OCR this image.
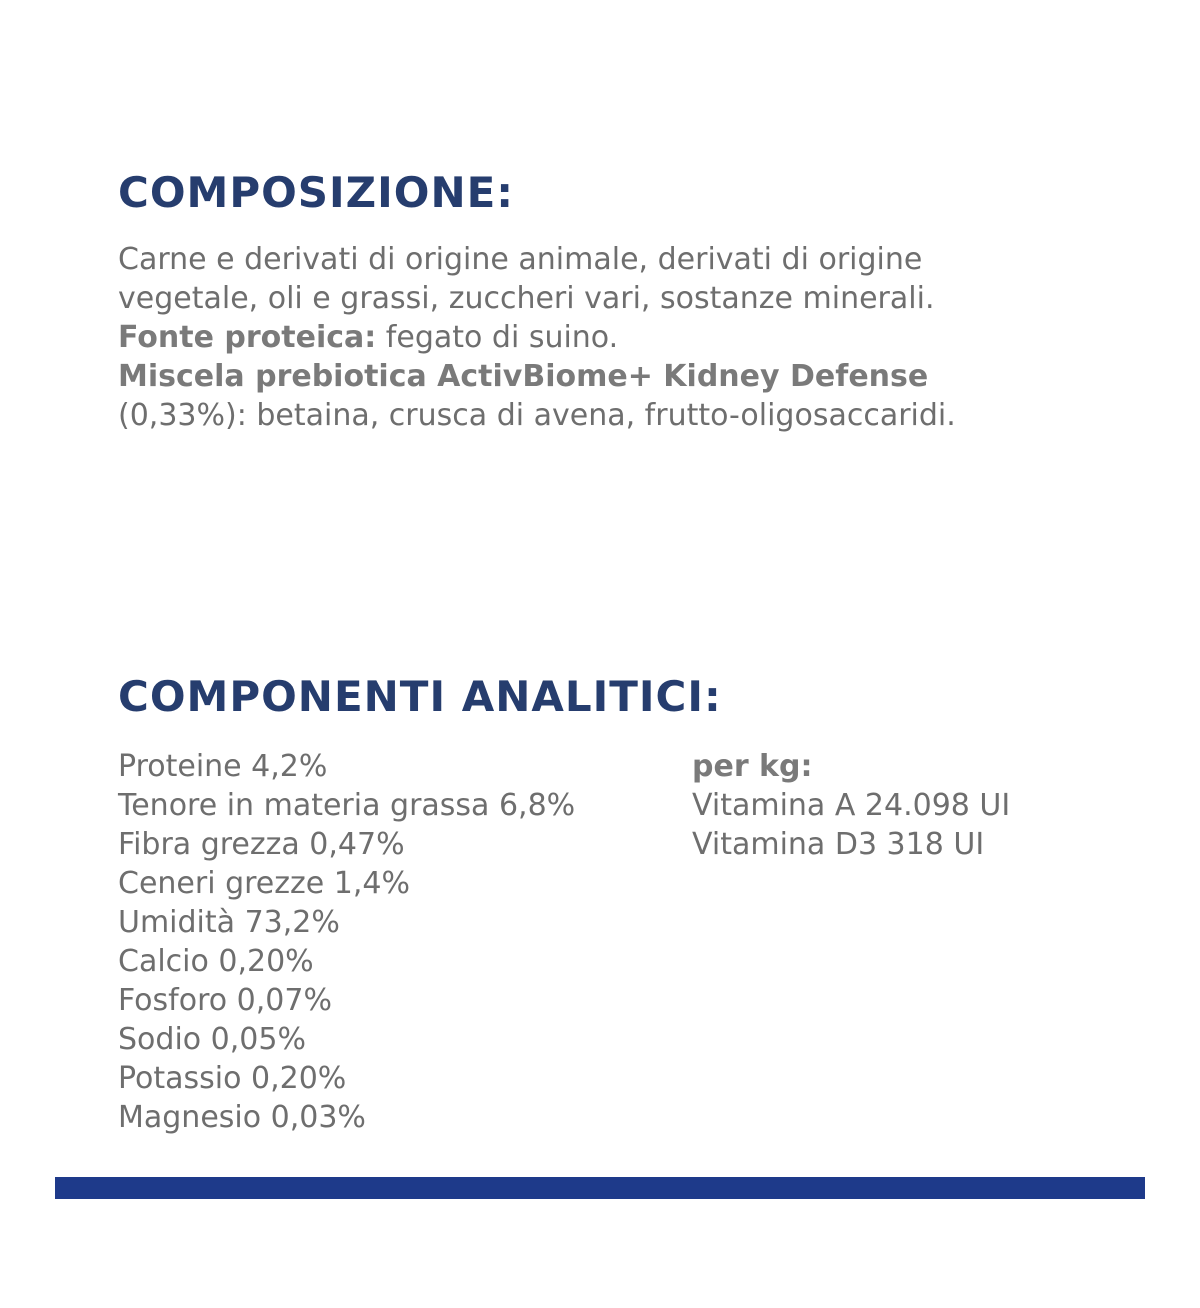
COMPOSIZIONE:

Carne e derivati di origine animale, derivati di origine

vegetale, oli e grassi, zuccheri vari, sostanze minerali.

Fonte proteica: fegato di suino.

Miscela prebiotica ActivBiome+ Kidney Defense

(0,33%): betaina, crusca di avena, frutto-oligosaccaridi.

COMPONENTI ANALITICI:
Proteine 4,2%
Tenore in materia grassa 6,8%
Fibra grezza 0,47%
Ceneri grezze 1,4%
Umidità 73,2%
Calcio 0,20%
Fosforo 0,07%
Sodio 0,05%
Potassio 0,20%
Magnesio 0,03%
per kg:
Vitamina A 24.098 UI
Vitamina D3 318 UI
